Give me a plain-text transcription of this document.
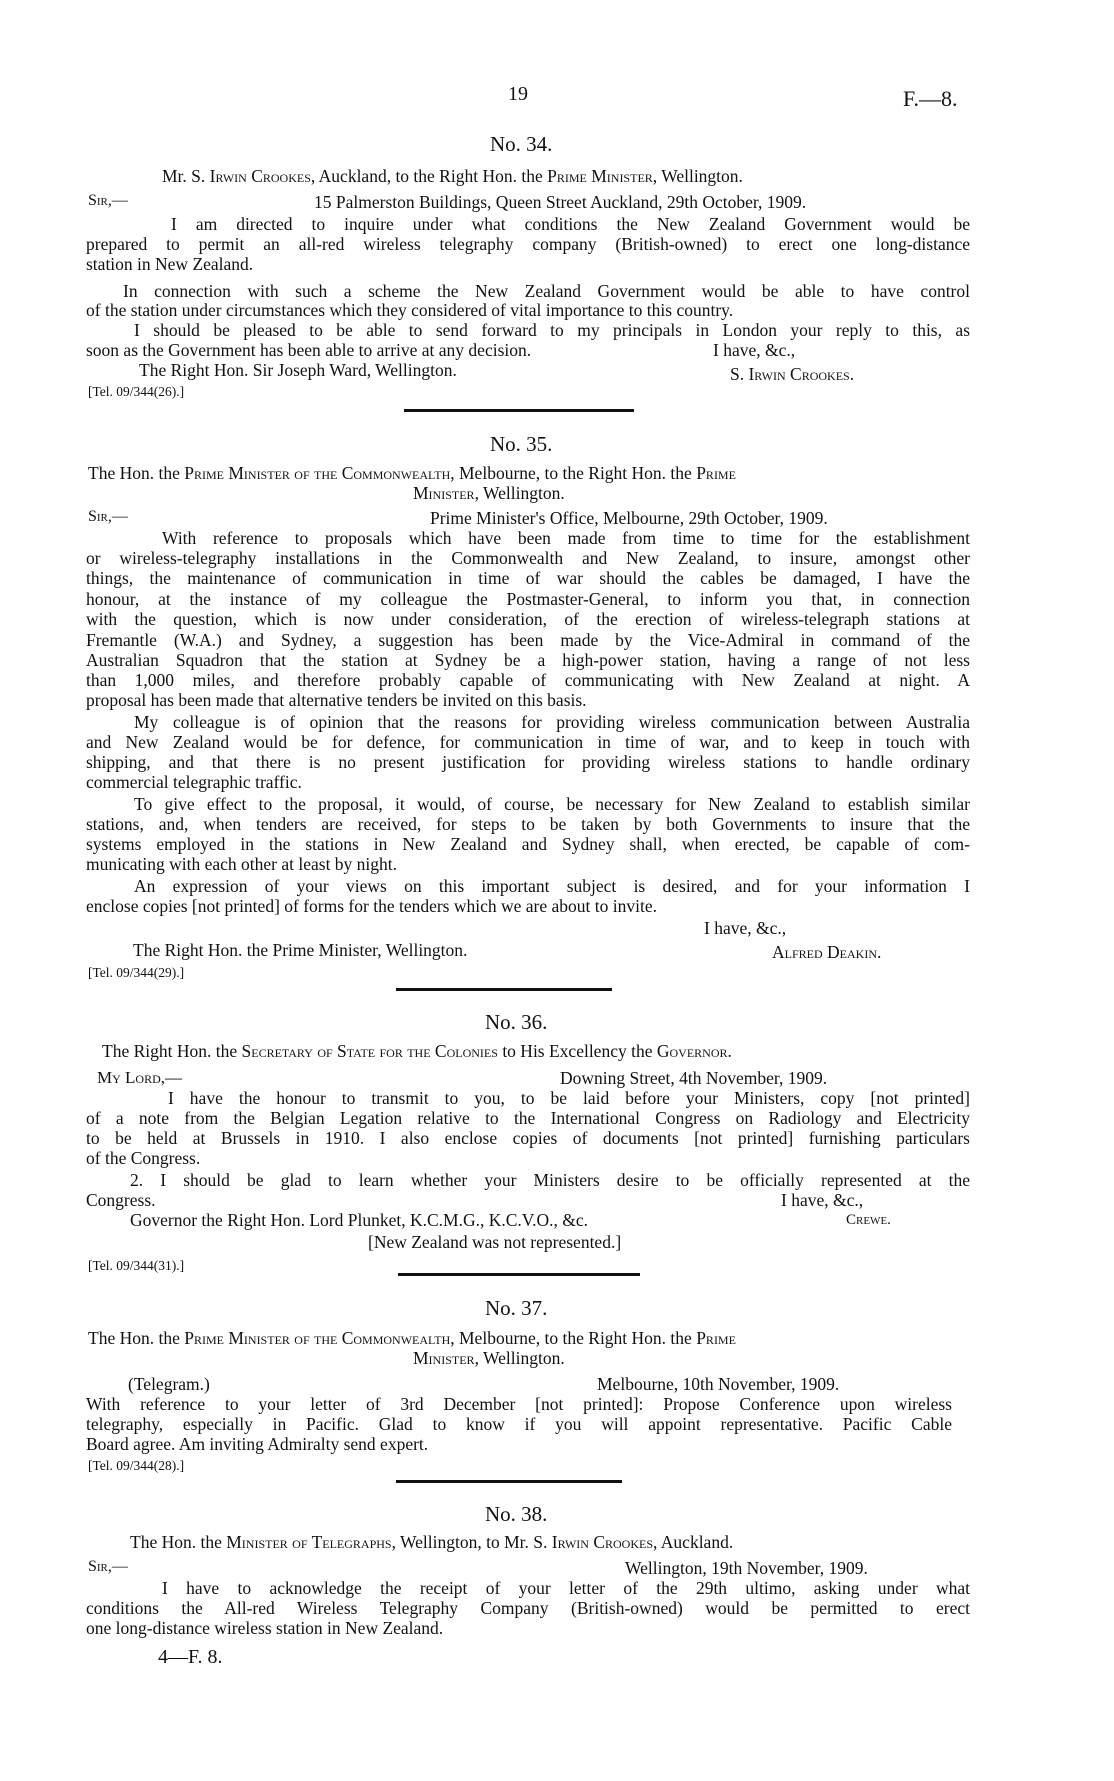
19	F.—8.
No. 34.
Mr. S. Irwin Crookes, Auckland, to the Right Hon. the Prime Minister, Wellington.
Sir,—	15 Palmerston Buildings, Queen Street Auckland, 29th October, 1909.
I am directed to inquire under what conditions the New Zealand Government would be
prepared to permit an all-red wireless telegraphy company (British-owned) to erect one long-distance
station in New Zealand.
In connection with such a scheme the New Zealand Government would be able to have control
of the station under circumstances which they considered of vital importance to this country.
I should be pleased to be able to send forward to my principals in London your reply to this, as
soon as the Government has been able to arrive at any decision.	I have, &c.,
The Right Hon. Sir Joseph Ward, Wellington.	S. Irwin Crookes.
[Tel. 09/344(26).]
No. 35.
The Hon. the Prime Minister of the Commonwealth, Melbourne, to the Right Hon. the Prime
Minister, Wellington.
Sir,—	Prime Minister's Office, Melbourne, 29th October, 1909.
With reference to proposals which have been made from time to time for the establishment
or wireless-telegraphy installations in the Commonwealth and New Zealand, to insure, amongst other
things, the maintenance of communication in time of war should the cables be damaged, I have the
honour, at the instance of my colleague the Postmaster-General, to inform you that, in connection
with the question, which is now under consideration, of the erection of wireless-telegraph stations at
Fremantle (W.A.) and Sydney, a suggestion has been made by the Vice-Admiral in command of the
Australian Squadron that the station at Sydney be a high-power station, having a range of not less
than 1,000 miles, and therefore probably capable of communicating with New Zealand at night. A
proposal has been made that alternative tenders be invited on this basis.
My colleague is of opinion that the reasons for providing wireless communication between Australia
and New Zealand would be for defence, for communication in time of war, and to keep in touch with
shipping, and that there is no present justification for providing wireless stations to handle ordinary
commercial telegraphic traffic.
To give effect to the proposal, it would, of course, be necessary for New Zealand to establish similar
stations, and, when tenders are received, for steps to be taken by both Governments to insure that the
systems employed in the stations in New Zealand and Sydney shall, when erected, be capable of com-
municating with each other at least by night.
An expression of your views on this important subject is desired, and for your information I
enclose copies [not printed] of forms for the tenders which we are about to invite.
I have, &c.,
The Right Hon. the Prime Minister, Wellington.	Alfred Deakin.
[Tel. 09/344(29).]
No. 36.
The Right Hon. the Secretary of State for the Colonies to His Excellency the Governor.
My Lord,—	Downing Street, 4th November, 1909.
I have the honour to transmit to you, to be laid before your Ministers, copy [not printed]
of a note from the Belgian Legation relative to the International Congress on Radiology and Electricity
to be held at Brussels in 1910. I also enclose copies of documents [not printed] furnishing particulars
of the Congress.
2. I should be glad to learn whether your Ministers desire to be officially represented at the
Congress.	I have, &c.,
Governor the Right Hon. Lord Plunket, K.C.M.G., K.C.V.O., &c.	Crewe.
[New Zealand was not represented.]
[Tel. 09/344(31).]
No. 37.
The Hon. the Prime Minister of the Commonwealth, Melbourne, to the Right Hon. the Prime
Minister, Wellington.
(Telegram.)	Melbourne, 10th November, 1909.
With reference to your letter of 3rd December [not printed]: Propose Conference upon wireless
telegraphy, especially in Pacific. Glad to know if you will appoint representative. Pacific Cable
Board agree. Am inviting Admiralty send expert.
[Tel. 09/344(28).]
No. 38.
The Hon. the Minister of Telegraphs, Wellington, to Mr. S. Irwin Crookes, Auckland.
Sir,—	Wellington, 19th November, 1909.
I have to acknowledge the receipt of your letter of the 29th ultimo, asking under what
conditions the All-red Wireless Telegraphy Company (British-owned) would be permitted to erect
one long-distance wireless station in New Zealand.
4—F. 8.
